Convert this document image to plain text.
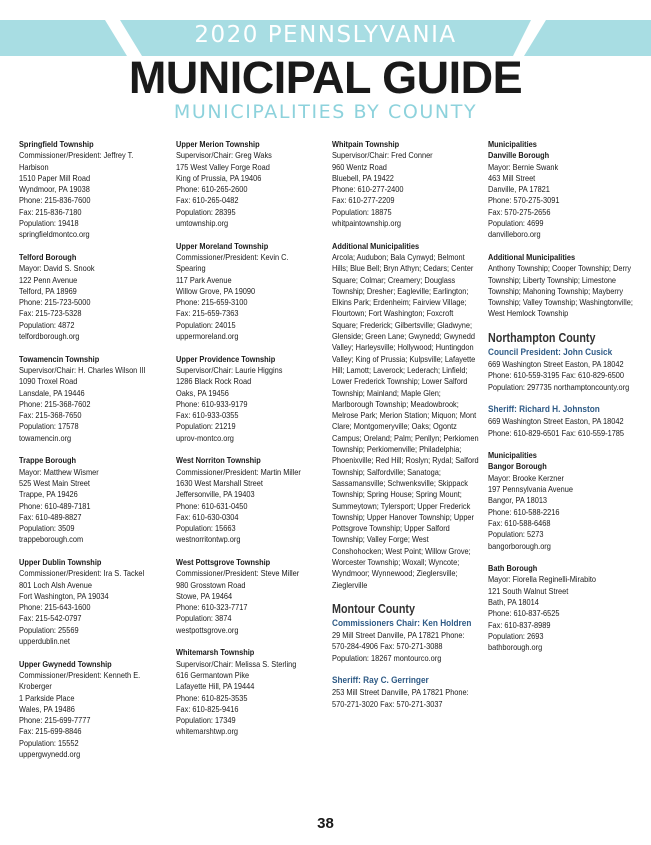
2020 PENNSLYVANIA
MUNICIPAL GUIDE
MUNICIPALITIES BY COUNTY
Springfield Township
Commissioner/President: Jeffrey T. Harbison
1510 Paper Mill Road
Wyndmoor, PA 19038
Phone: 215-836-7600
Fax: 215-836-7180
Population: 19418
springfieldmontco.org
Telford Borough
Mayor: David S. Snook
122 Penn Avenue
Telford, PA 18969
Phone: 215-723-5000
Fax: 215-723-5328
Population: 4872
telfordborough.org
Towamencin Township
Supervisor/Chair: H. Charles Wilson III
1090 Troxel Road
Lansdale, PA 19446
Phone: 215-368-7602
Fax: 215-368-7650
Population: 17578
towamencin.org
Trappe Borough
Mayor: Matthew Wismer
525 West Main Street
Trappe, PA 19426
Phone: 610-489-7181
Fax: 610-489-8827
Population: 3509
trappeborough.com
Upper Dublin Township
Commissioner/President: Ira S. Tackel
801 Loch Alsh Avenue
Fort Washington, PA 19034
Phone: 215-643-1600
Fax: 215-542-0797
Population: 25569
upperdublin.net
Upper Gwynedd Township
Commissioner/President: Kenneth E. Kroberger
1 Parkside Place
Wales, PA 19486
Phone: 215-699-7777
Fax: 215-699-8846
Population: 15552
uppergwynedd.org
Upper Merion Township
Supervisor/Chair: Greg Waks
175 West Valley Forge Road
King of Prussia, PA 19406
Phone: 610-265-2600
Fax: 610-265-0482
Population: 28395
umtownship.org
Upper Moreland Township
Commissioner/President: Kevin C. Spearing
117 Park Avenue
Willow Grove, PA 19090
Phone: 215-659-3100
Fax: 215-659-7363
Population: 24015
uppermoreland.org
Upper Providence Township
Supervisor/Chair: Laurie Higgins
1286 Black Rock Road
Oaks, PA 19456
Phone: 610-933-9179
Fax: 610-933-0355
Population: 21219
uprov-montco.org
West Norriton Township
Commissioner/President: Martin Miller
1630 West Marshall Street
Jeffersonville, PA 19403
Phone: 610-631-0450
Fax: 610-630-0304
Population: 15663
westnorritontwp.org
West Pottsgrove Township
Commissioner/President: Steve Miller
980 Grosstown Road
Stowe, PA 19464
Phone: 610-323-7717
Population: 3874
westpottsgrove.org
Whitemarsh Township
Supervisor/Chair: Melissa S. Sterling
616 Germantown Pike
Lafayette Hill, PA 19444
Phone: 610-825-3535
Fax: 610-825-9416
Population: 17349
whitemarshtwp.org
Whitpain Township
Supervisor/Chair: Fred Conner
960 Wentz Road
Bluebell, PA 19422
Phone: 610-277-2400
Fax: 610-277-2209
Population: 18875
whitpaintownship.org
Additional Municipalities
Arcola; Audubon; Bala Cynwyd; Belmont Hills; Blue Bell; Bryn Athyn; Cedars; Center Square; Colmar; Creamery; Douglass Township; Dresher; Eagleville; Earlington; Elkins Park; Erdenheim; Fairview Village; Flourtown; Fort Washington; Foxcroft Square; Frederick; Gilbertsville; Gladwyne; Glenside; Green Lane; Gwynedd; Gwynedd Valley; Harleysville; Hollywood; Huntingdon Valley; King of Prussia; Kulpsville; Lafayette Hill; Lamott; Laverock; Lederach; Linfield; Lower Frederick Township; Lower Salford Township; Mainland; Maple Glen; Marlborough Township; Meadowbrook; Melrose Park; Merion Station; Miquon; Mont Clare; Montgomeryville; Oaks; Ogontz Campus; Oreland; Palm; Penllyn; Perkiomen Township; Perkiomenville; Philadelphia; Phoenixville; Red Hill; Roslyn; Rydal; Salford Township; Salfordville; Sanatoga; Sassamansville; Schwenksville; Skippack Township; Spring House; Spring Mount; Summeytown; Tylersport; Upper Frederick Township; Upper Hanover Township; Upper Pottsgrove Township; Upper Salford Township; Valley Forge; West Conshohocken; West Point; Willow Grove; Worcester Township; Woxall; Wyncote; Wyndmoor; Wynnewood; Zieglersville; Zieglerville
Montour County
Commissioners Chair: Ken Holdren
29 Mill Street Danville, PA 17821 Phone: 570-284-4906 Fax: 570-271-3088 Population: 18267 montourco.org
Sheriff: Ray C. Gerringer
253 Mill Street Danville, PA 17821 Phone: 570-271-3020 Fax: 570-271-3037
Municipalities
Danville Borough
Mayor: Bernie Swank
463 Mill Street
Danville, PA 17821
Phone: 570-275-3091
Fax: 570-275-2656
Population: 4699
danvilleboro.org
Additional Municipalities
Anthony Township; Cooper Township; Derry Township; Liberty Township; Limestone Township; Mahoning Township; Mayberry Township; Valley Township; Washingtonville; West Hemlock Township
Northampton County
Council President: John Cusick
669 Washington Street Easton, PA 18042 Phone: 610-559-3195 Fax: 610-829-6500 Population: 297735 northamptoncounty.org
Sheriff: Richard H. Johnston
669 Washington Street Easton, PA 18042 Phone: 610-829-6501 Fax: 610-559-1785
Municipalities
Bangor Borough
Mayor: Brooke Kerzner
197 Pennsylvania Avenue
Bangor, PA 18013
Phone: 610-588-2216
Fax: 610-588-6468
Population: 5273
bangorborough.org
Bath Borough
Mayor: Fiorella Reginelli-Mirabito
121 South Walnut Street
Bath, PA 18014
Phone: 610-837-6525
Fax: 610-837-8989
Population: 2693
bathborough.org
38
